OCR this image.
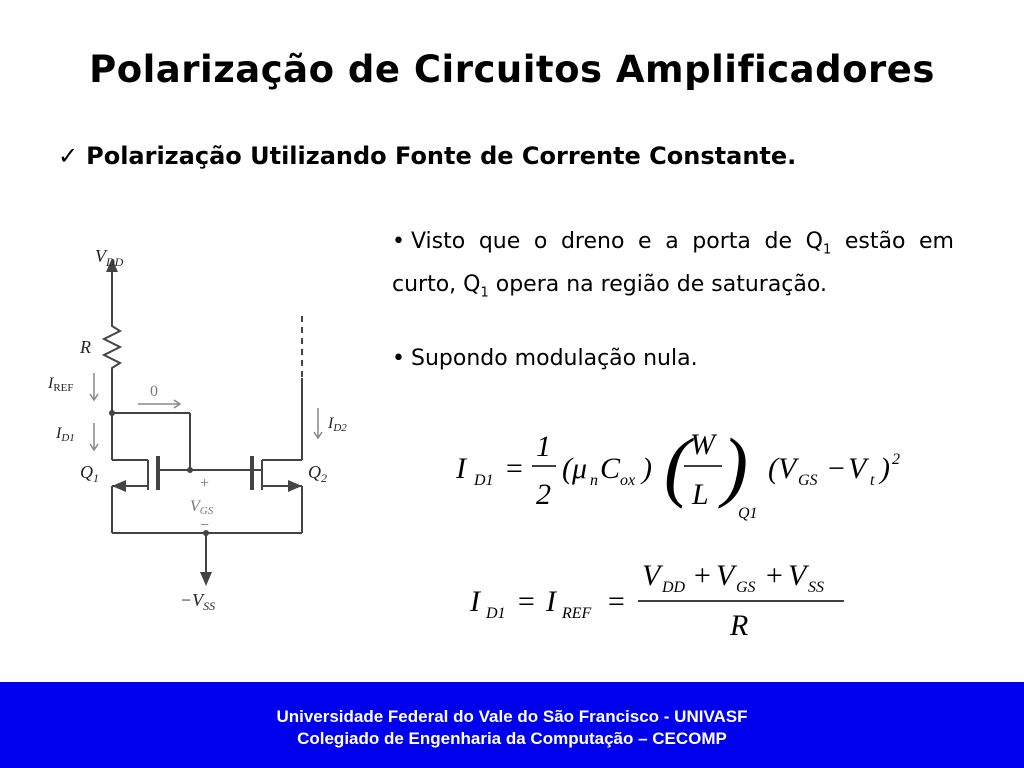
Polarização de Circuitos Amplificadores
✓ Polarização Utilizando Fonte de Corrente Constante.
$V_{DD}$
R
IREF
ID1
ID2
0
$Q_1$	$Q_2$
+
VGS
−
$-V_{SS}$
• Visto que o dreno e a porta de $Q_1$ estão em curto, $Q_1$ opera na região de saturação.
• Supondo modulação nula.
I D1 =
1
2
( μ n C ox ) ( W
L )
Q1
( V GS − V t ) 2
I D1 = I REF =
V DD + V GS + V SS
R
Universidade Federal do Vale do São Francisco - UNIVASF
Colegiado de Engenharia da Computação – CECOMP
